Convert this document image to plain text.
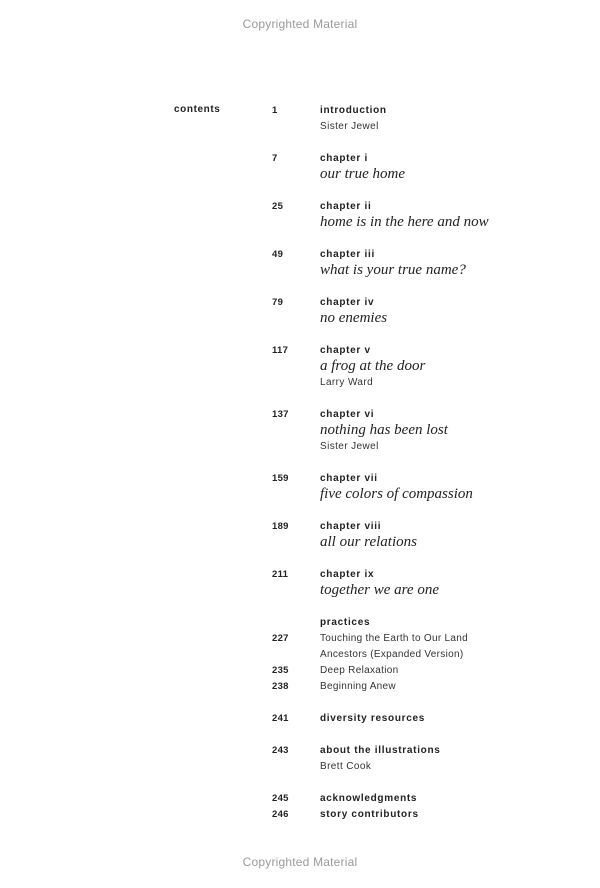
Copyrighted Material
contents	1	introduction
Sister Jewel
7	chapter i
our true home
25	chapter ii
home is in the here and now
49	chapter iii
what is your true name?
79	chapter iv
no enemies
117	chapter v
a frog at the door
Larry Ward
137	chapter vi
nothing has been lost
Sister Jewel
159	chapter vii
five colors of compassion
189	chapter viii
all our relations
211	chapter ix
together we are one
practices
227	Touching the Earth to Our Land
Ancestors (Expanded Version)
235	Deep Relaxation
238	Beginning Anew
241	diversity resources
243	about the illustrations
Brett Cook
245	acknowledgments
246	story contributors
Copyrighted Material
